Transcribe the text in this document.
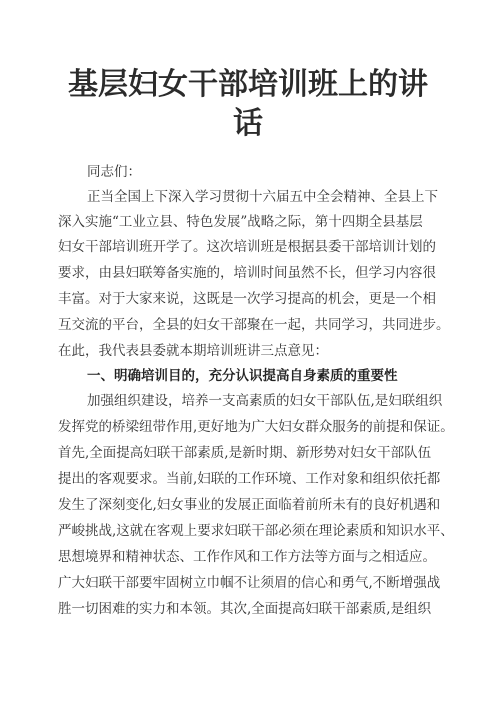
基层妇女干部培训班上的讲
话

同志们：

正当全国上下深入学习贯彻十六届五中全会精神、全县上下

深入实施“工业立县、特色发展”战略之际，第十四期全县基层

妇女干部培训班开学了。这次培训班是根据县委干部培训计划的

要求，由县妇联筹备实施的，培训时间虽然不长，但学习内容很

丰富。对于大家来说，这既是一次学习提高的机会，更是一个相

互交流的平台，全县的妇女干部聚在一起，共同学习，共同进步。

在此，我代表县委就本期培训班讲三点意见：

一、明确培训目的，充分认识提高自身素质的重要性

加强组织建设，培养一支高素质的妇女干部队伍,是妇联组织

发挥党的桥梁纽带作用,更好地为广大妇女群众服务的前提和保证。

首先,全面提高妇联干部素质,是新时期、新形势对妇女干部队伍

提出的客观要求。当前,妇联的工作环境、工作对象和组织依托都

发生了深刻变化,妇女事业的发展正面临着前所未有的良好机遇和

严峻挑战,这就在客观上要求妇联干部必须在理论素质和知识水平、

思想境界和精神状态、工作作风和工作方法等方面与之相适应。

广大妇联干部要牢固树立巾帼不让须眉的信心和勇气,不断增强战

胜一切困难的实力和本领。其次,全面提高妇联干部素质,是组织
